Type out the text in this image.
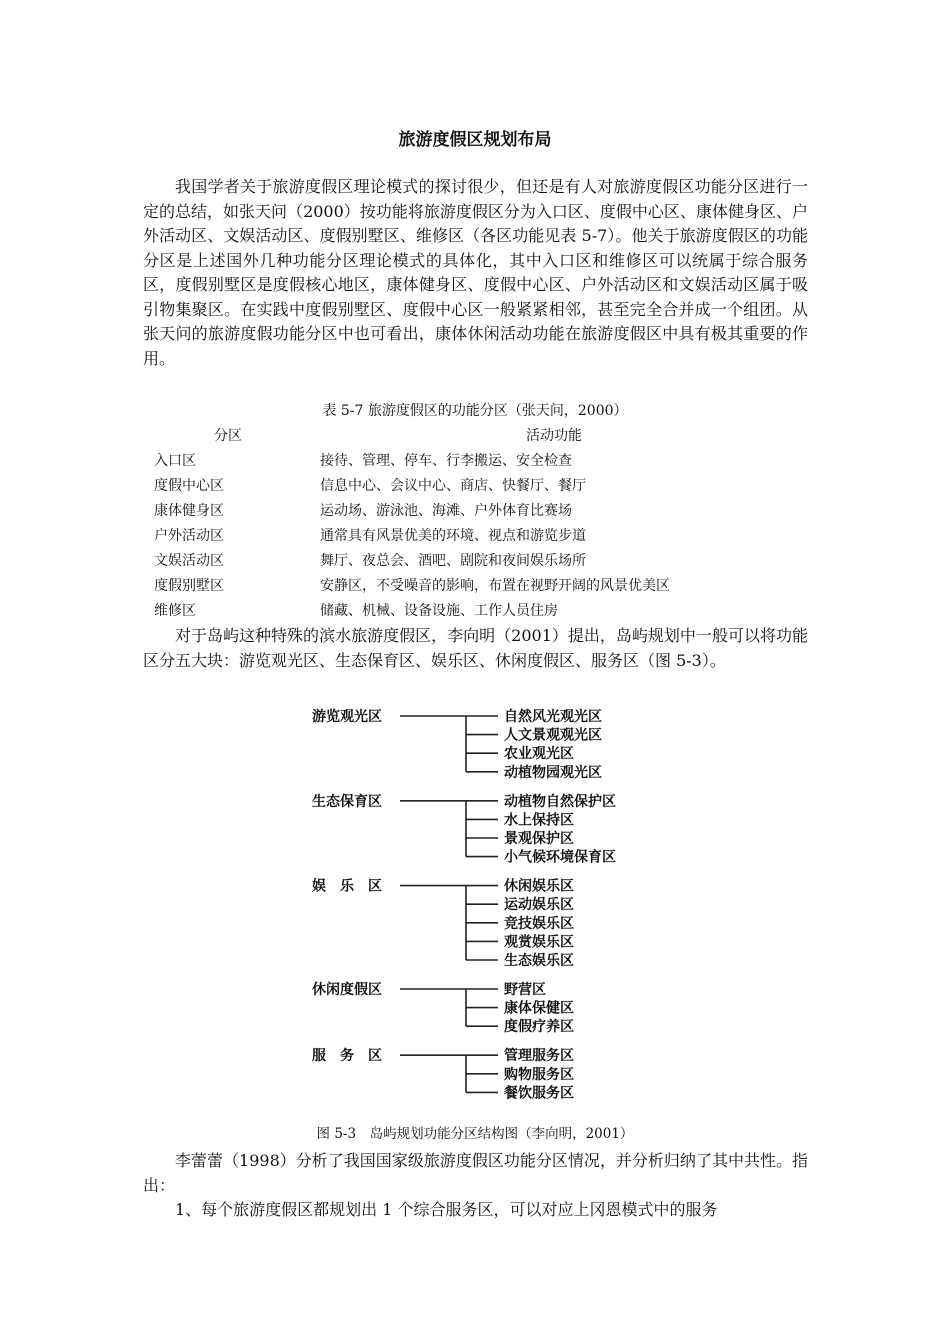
旅游度假区规划布局

我国学者关于旅游度假区理论模式的探讨很少，但还是有人对旅游度假区功能分区进行一定的总结，如张天问（2000）按功能将旅游度假区分为入口区、度假中心区、康体健身区、户外活动区、文娱活动区、度假别墅区、维修区（各区功能见表 5-7）。他关于旅游度假区的功能分区是上述国外几种功能分区理论模式的具体化，其中入口区和维修区可以统属于综合服务区，度假别墅区是度假核心地区，康体健身区、度假中心区、户外活动区和文娱活动区属于吸引物集聚区。在实践中度假别墅区、度假中心区一般紧紧相邻，甚至完全合并成一个组团。从张天问的旅游度假功能分区中也可看出，康体休闲活动功能在旅游度假区中具有极其重要的作用。

表 5-7 旅游度假区的功能分区（张天问，2000）
分区	活动功能
入口区	接待、管理、停车、行李搬运、安全检查
度假中心区	信息中心、会议中心、商店、快餐厅、餐厅
康体健身区	运动场、游泳池、海滩、户外体育比赛场
户外活动区	通常具有风景优美的环境、视点和游览步道
文娱活动区	舞厅、夜总会、酒吧、剧院和夜间娱乐场所
度假别墅区	安静区，不受噪音的影响，布置在视野开阔的风景优美区
维修区	储藏、机械、设备设施、工作人员住房

对于岛屿这种特殊的滨水旅游度假区，李向明（2001）提出，岛屿规划中一般可以将功能区分五大块：游览观光区、生态保育区、娱乐区、休闲度假区、服务区（图 5-3）。

游览观光区	自然风光观光区
人文景观观光区
农业观光区
动植物园观光区
生态保育区	动植物自然保护区
水上保持区
景观保护区
小气候环境保育区
娱　乐　区	休闲娱乐区
运动娱乐区
竞技娱乐区
观赏娱乐区
生态娱乐区
休闲度假区	野营区
康体保健区
度假疗养区
服　务　区	管理服务区
购物服务区
餐饮服务区
图 5-3　岛屿规划功能分区结构图（李向明，2001）

李蕾蕾（1998）分析了我国国家级旅游度假区功能分区情况，并分析归纳了其中共性。指出：

1、每个旅游度假区都规划出 1 个综合服务区，可以对应上冈恩模式中的服务
